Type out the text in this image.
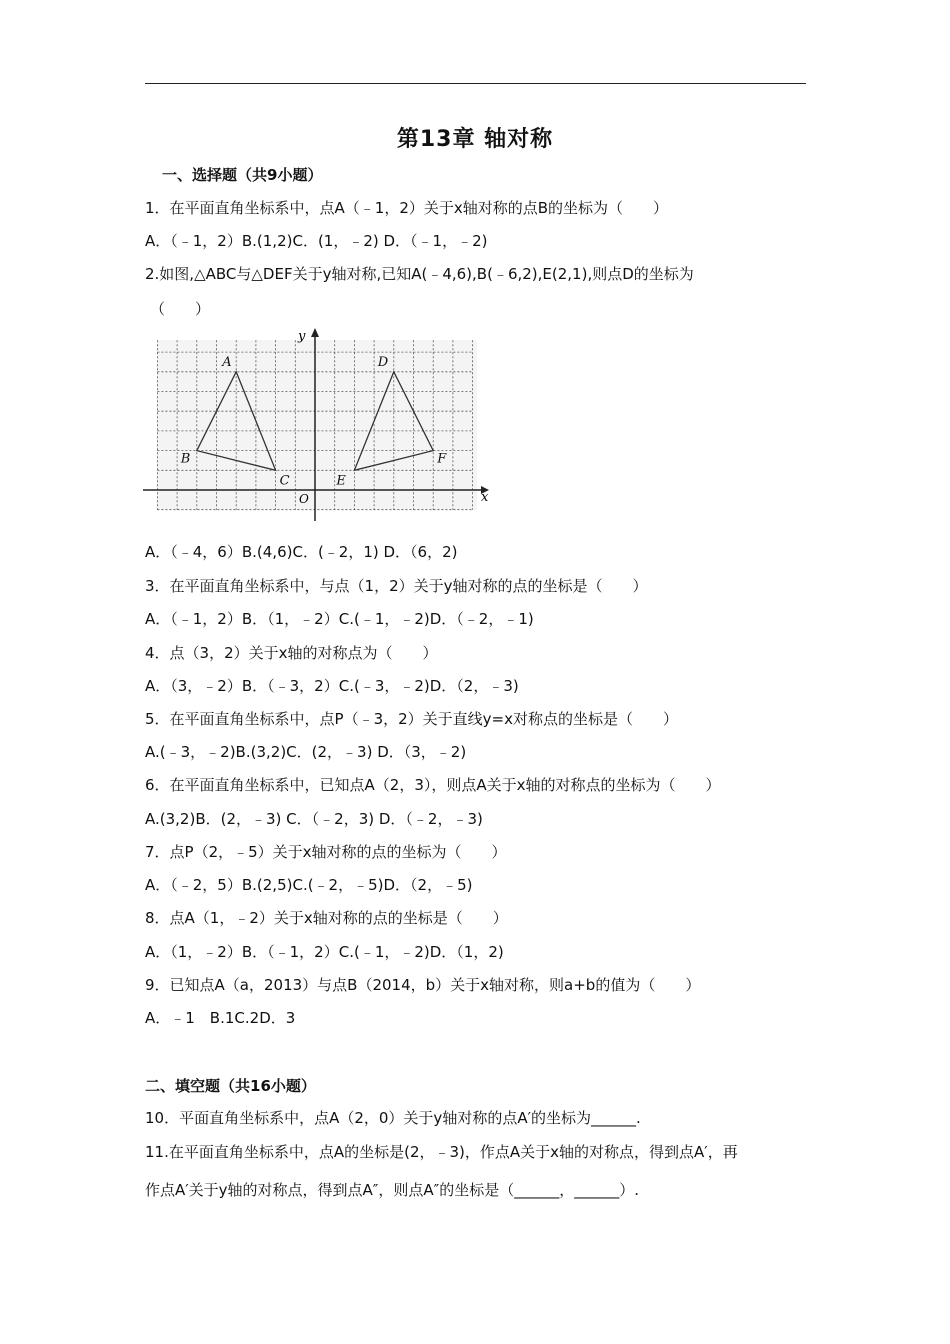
第13章 轴对称
一、选择题（共9小题）
1．在平面直角坐标系中，点A（﹣1，2）关于x轴对称的点B的坐标为（　　）
A．（﹣1，2）B.(1,2)C．(1，﹣2) D．（﹣1，﹣2)
2.如图,△ABC与△DEF关于y轴对称,已知A(﹣4,6),B(﹣6,2),E(2,1),则点D的坐标为
（　　）
x
y
O
A
B
C
D
E
F
A．（﹣4，6）B.(4,6)C．(﹣2，1) D．（6，2)
3．在平面直角坐标系中，与点（1，2）关于y轴对称的点的坐标是（　　）
A．（﹣1，2）B．（1，﹣2）C.(﹣1，﹣2)D．（﹣2，﹣1)
4．点（3，2）关于x轴的对称点为（　　）
A．（3，﹣2）B．（﹣3，2）C.(﹣3，﹣2)D．（2，﹣3)
5．在平面直角坐标系中，点P（﹣3，2）关于直线y=x对称点的坐标是（　　）
A.(﹣3，﹣2)B.(3,2)C．(2，﹣3) D．（3，﹣2)
6．在平面直角坐标系中，已知点A（2，3），则点A关于x轴的对称点的坐标为（　　）
A.(3,2)B．(2，﹣3) C．（﹣2，3) D．（﹣2，﹣3)
7．点P（2，﹣5）关于x轴对称的点的坐标为（　　）
A．（﹣2，5）B.(2,5)C.(﹣2，﹣5)D．（2，﹣5)
8．点A（1，﹣2）关于x轴对称的点的坐标是（　　）
A．（1，﹣2）B．（﹣1，2）C.(﹣1，﹣2)D．（1，2)
9．已知点A（a，2013）与点B（2014，b）关于x轴对称，则a+b的值为（　　）
A．﹣1　B.1C.2D．3
二、填空题（共16小题）
10．平面直角坐标系中，点A（2，0）关于y轴对称的点A′的坐标为______.
11.在平面直角坐标系中，点A的坐标是(2，﹣3)，作点A关于x轴的对称点，得到点A′，再
作点A′关于y轴的对称点，得到点A″，则点A″的坐标是（______，______）.
